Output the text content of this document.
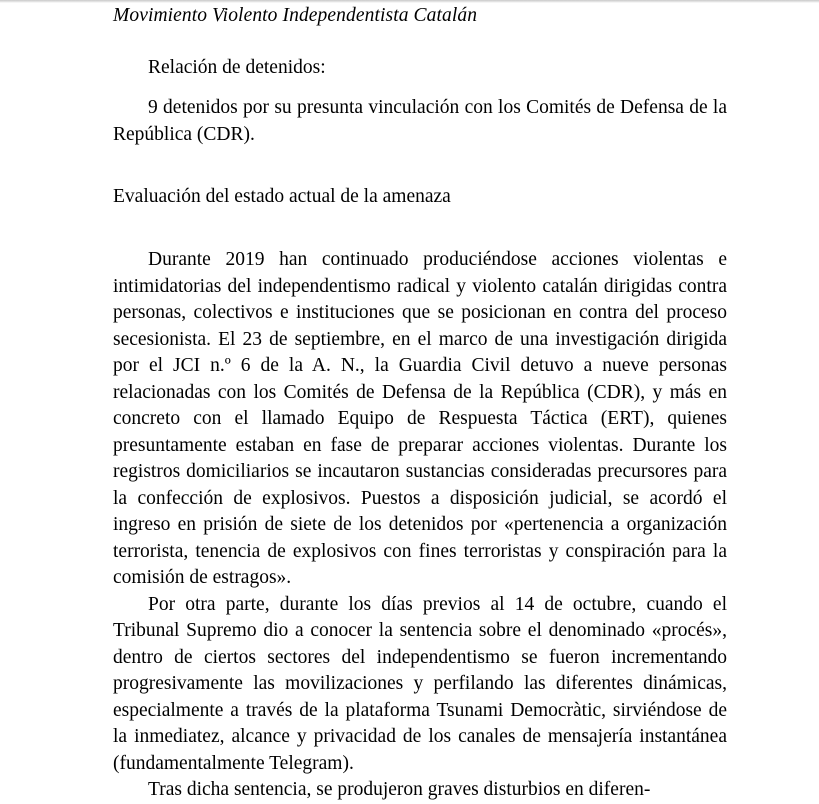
Movimiento Violento Independentista Catalán

Relación de detenidos:

9 detenidos por su presunta vinculación con los Comités de Defensa de la República (CDR).

Evaluación del estado actual de la amenaza

Durante 2019 han continuado produciéndose acciones violentas e intimidatorias del independentismo radical y violento catalán dirigidas contra personas, colectivos e instituciones que se posicionan en contra del proceso secesionista. El 23 de septiembre, en el marco de una investigación dirigida por el JCI n.º 6 de la A. N., la Guardia Civil detuvo a nueve personas relacionadas con los Comités de Defensa de la República (CDR), y más en concreto con el llamado Equipo de Respuesta Táctica (ERT), quienes presuntamente estaban en fase de preparar acciones violentas. Durante los registros domiciliarios se incautaron sustancias consideradas precursores para la confección de explosivos. Puestos a disposición judicial, se acordó el ingreso en prisión de siete de los detenidos por «pertenencia a organización terrorista, tenencia de explosivos con fines terroristas y conspiración para la comisión de estragos».

Por otra parte, durante los días previos al 14 de octubre, cuando el Tribunal Supremo dio a conocer la sentencia sobre el denominado «procés», dentro de ciertos sectores del independentismo se fueron incrementando progresivamente las movilizaciones y perfilando las diferentes dinámicas, especialmente a través de la plataforma Tsunami Democràtic, sirviéndose de la inmediatez, alcance y privacidad de los canales de mensajería instantánea (fundamentalmente Telegram).

Tras dicha sentencia, se produjeron graves disturbios en diferen-
